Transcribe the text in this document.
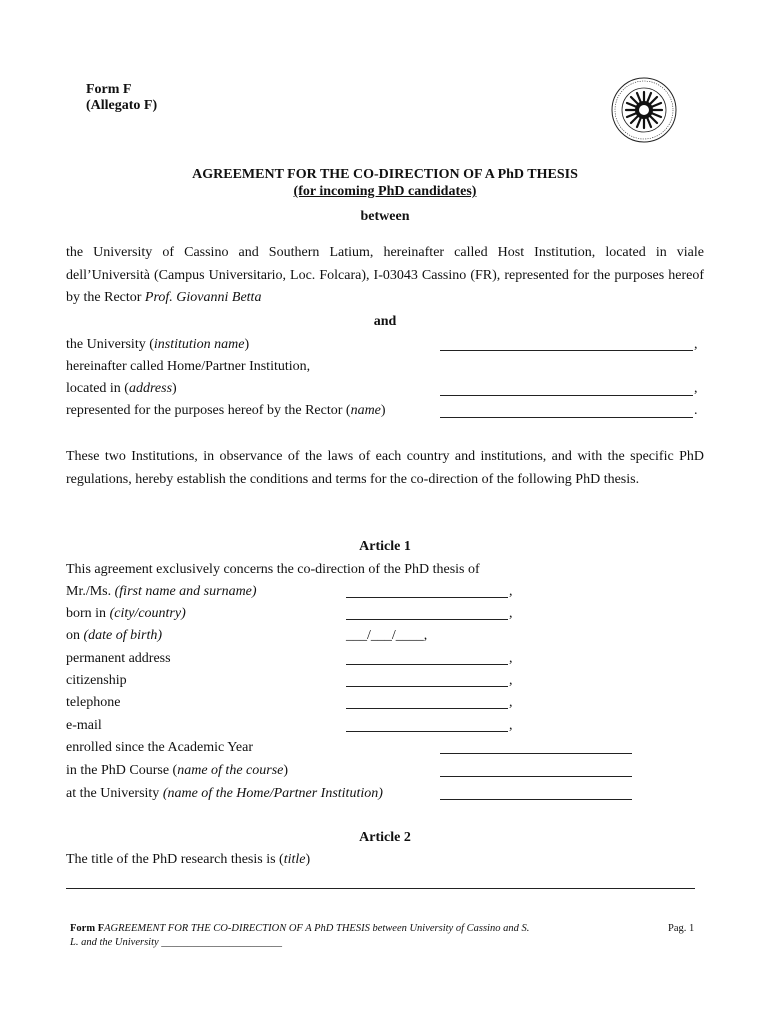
Form F
(Allegato F)
AGREEMENT FOR THE CO-DIRECTION OF A PhD THESIS
(for incoming PhD candidates)
between
the University of Cassino and Southern Latium, hereinafter called Host Institution, located in viale dell’Università (Campus Universitario, Loc. Folcara), I-03043 Cassino (FR), represented for the purposes hereof by the Rector Prof. Giovanni Betta
and
the University (institution name)	,
hereinafter called Home/Partner Institution,
located in (address)	,
represented for the purposes hereof by the Rector (name)	.
These two Institutions, in observance of the laws of each country and institutions, and with the specific PhD regulations, hereby establish the conditions and terms for the co-direction of the following PhD thesis.
Article 1
This agreement exclusively concerns the co-direction of the PhD thesis of
Mr./Ms. (first name and surname)	,
born in (city/country)	,
on (date of birth)	___/___/____,
permanent address	,
citizenship	,
telephone	,
e-mail	,
enrolled since the Academic Year
in the PhD Course (name of the course)
at the University (name of the Home/Partner Institution)
Article 2
The title of the PhD research thesis is (title)
Form FAGREEMENT FOR THE CO-DIRECTION OF A PhD THESIS between University of Cassino and S.
L. and the University _______________________
Pag. 1
